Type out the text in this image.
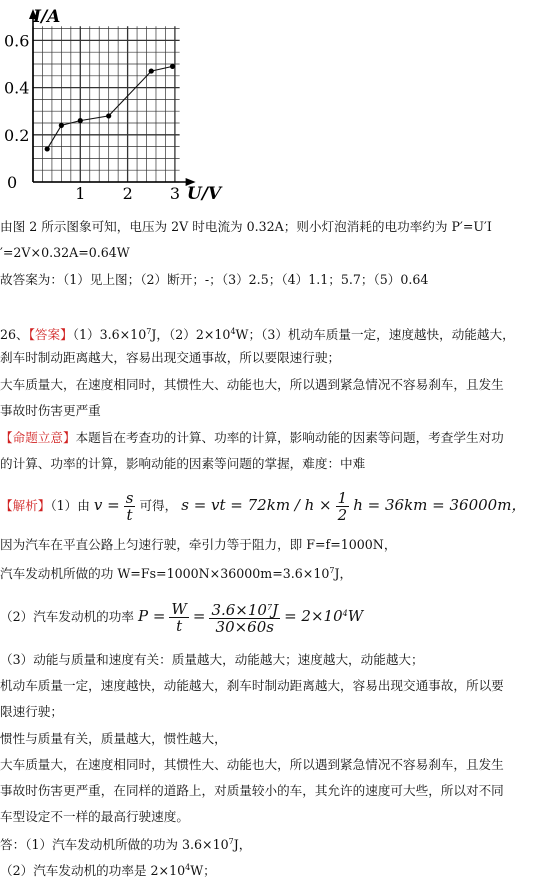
0.2
0.4
0.6
1 2 3
0
I/A
U/V
由图 2 所示图象可知，电压为 2V 时电流为 0.32A；则小灯泡消耗的电功率约为 P′=U′I
′=2V×0.32A=0.64W
故答案为：（1）见上图；（2）断开；-；（3）2.5；（4）1.1；5.7；（5）0.64
26、【答案】$(1)3.6\times 10^7J$，$(2)2\times 10^4W$；（3）机动车质量一定，速度越快，动能越大，
刹车时制动距离越大，容易出现交通事故，所以要限速行驶；
大车质量大，在速度相同时，其惯性大、动能也大，所以遇到紧急情况不容易刹车，且发生
事故时伤害更严重
【命题立意】本题旨在考查功的计算、功率的计算，影响动能的因素等问题，考查学生对功
的计算、功率的计算，影响动能的因素等问题的掌握，难度：中难
【解析】（1）由 $v = \frac{s}{t}$ 可得， s = vt = $72km / h \times \frac{1}{2}$ h = 36km = 36000m，
因为汽车在平直公路上匀速行驶，牵引力等于阻力，即 F=f=1000N，
汽车发动机所做的功 $W=Fs=1000N\times 36000m=3.6\times 10^7J$，
（2）汽车发动机的功率 $P = \frac{W}{t} = \frac{3.6\times 10^7J}{30\times 60s} = 2\times 10^4W$
（3）动能与质量和速度有关：质量越大，动能越大；速度越大，动能越大；
机动车质量一定，速度越快，动能越大，刹车时制动距离越大，容易出现交通事故，所以要
限速行驶；
惯性与质量有关，质量越大，惯性越大，
大车质量大，在速度相同时，其惯性大、动能也大，所以遇到紧急情况不容易刹车，且发生
事故时伤害更严重，在同样的道路上，对质量较小的车，其允许的速度可大些，所以对不同
车型设定不一样的最高行驶速度。
答：（1）汽车发动机所做的功为 $3.6\times 10^7J$，
（2）汽车发动机的功率是 $2\times 10^4W$；
